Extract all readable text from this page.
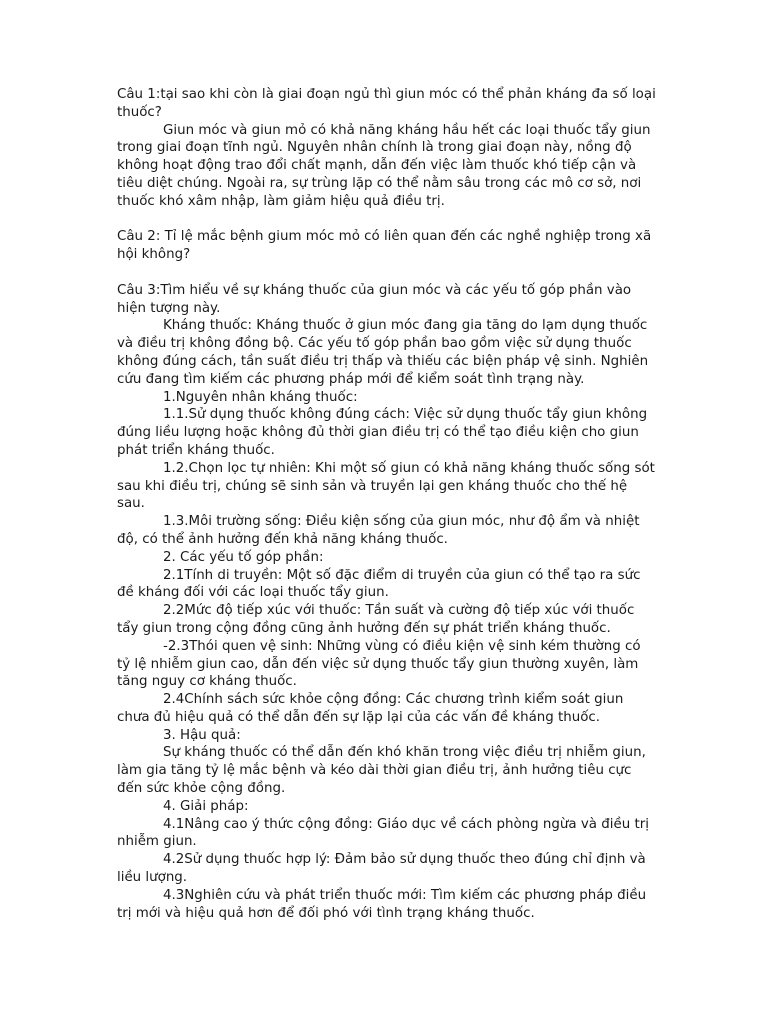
Câu 1:tại sao khi còn là giai đoạn ngủ thì giun móc có thể phản kháng đa số loại thuốc?

Giun móc và giun mỏ có khả năng kháng hầu hết các loại thuốc tẩy giun trong giai đoạn tĩnh ngủ. Nguyên nhân chính là trong giai đoạn này, nồng độ không hoạt động trao đổi chất mạnh, dẫn đến việc làm thuốc khó tiếp cận và tiêu diệt chúng. Ngoài ra, sự trùng lặp có thể nằm sâu trong các mô cơ sở, nơi thuốc khó xâm nhập, làm giảm hiệu quả điều trị.

Câu 2: Tỉ lệ mắc bệnh gium móc mỏ có liên quan đến các nghề nghiệp trong xã hội không?

Câu 3:Tìm hiểu về sự kháng thuốc của giun móc và các yếu tố góp phần vào hiện tượng này.

Kháng thuốc: Kháng thuốc ở giun móc đang gia tăng do lạm dụng thuốc và điều trị không đồng bộ. Các yếu tố góp phần bao gồm việc sử dụng thuốc không đúng cách, tần suất điều trị thấp và thiếu các biện pháp vệ sinh. Nghiên cứu đang tìm kiếm các phương pháp mới để kiểm soát tình trạng này.

1.Nguyên nhân kháng thuốc:

1.1.Sử dụng thuốc không đúng cách: Việc sử dụng thuốc tẩy giun không đúng liều lượng hoặc không đủ thời gian điều trị có thể tạo điều kiện cho giun phát triển kháng thuốc.

1.2.Chọn lọc tự nhiên: Khi một số giun có khả năng kháng thuốc sống sót sau khi điều trị, chúng sẽ sinh sản và truyền lại gen kháng thuốc cho thế hệ sau.

1.3.Môi trường sống: Điều kiện sống của giun móc, như độ ẩm và nhiệt độ, có thể ảnh hưởng đến khả năng kháng thuốc.

2. Các yếu tố góp phần:

2.1Tính di truyền: Một số đặc điểm di truyền của giun có thể tạo ra sức đề kháng đối với các loại thuốc tẩy giun.

2.2Mức độ tiếp xúc với thuốc: Tần suất và cường độ tiếp xúc với thuốc tẩy giun trong cộng đồng cũng ảnh hưởng đến sự phát triển kháng thuốc.

-2.3Thói quen vệ sinh: Những vùng có điều kiện vệ sinh kém thường có tỷ lệ nhiễm giun cao, dẫn đến việc sử dụng thuốc tẩy giun thường xuyên, làm tăng nguy cơ kháng thuốc.

2.4Chính sách sức khỏe cộng đồng: Các chương trình kiểm soát giun chưa đủ hiệu quả có thể dẫn đến sự lặp lại của các vấn đề kháng thuốc.

3. Hậu quả:

Sự kháng thuốc có thể dẫn đến khó khăn trong việc điều trị nhiễm giun, làm gia tăng tỷ lệ mắc bệnh và kéo dài thời gian điều trị, ảnh hưởng tiêu cực đến sức khỏe cộng đồng.

4. Giải pháp:

4.1Nâng cao ý thức cộng đồng: Giáo dục về cách phòng ngừa và điều trị nhiễm giun.

4.2Sử dụng thuốc hợp lý: Đảm bảo sử dụng thuốc theo đúng chỉ định và liều lượng.

4.3Nghiên cứu và phát triển thuốc mới: Tìm kiếm các phương pháp điều trị mới và hiệu quả hơn để đối phó với tình trạng kháng thuốc.
